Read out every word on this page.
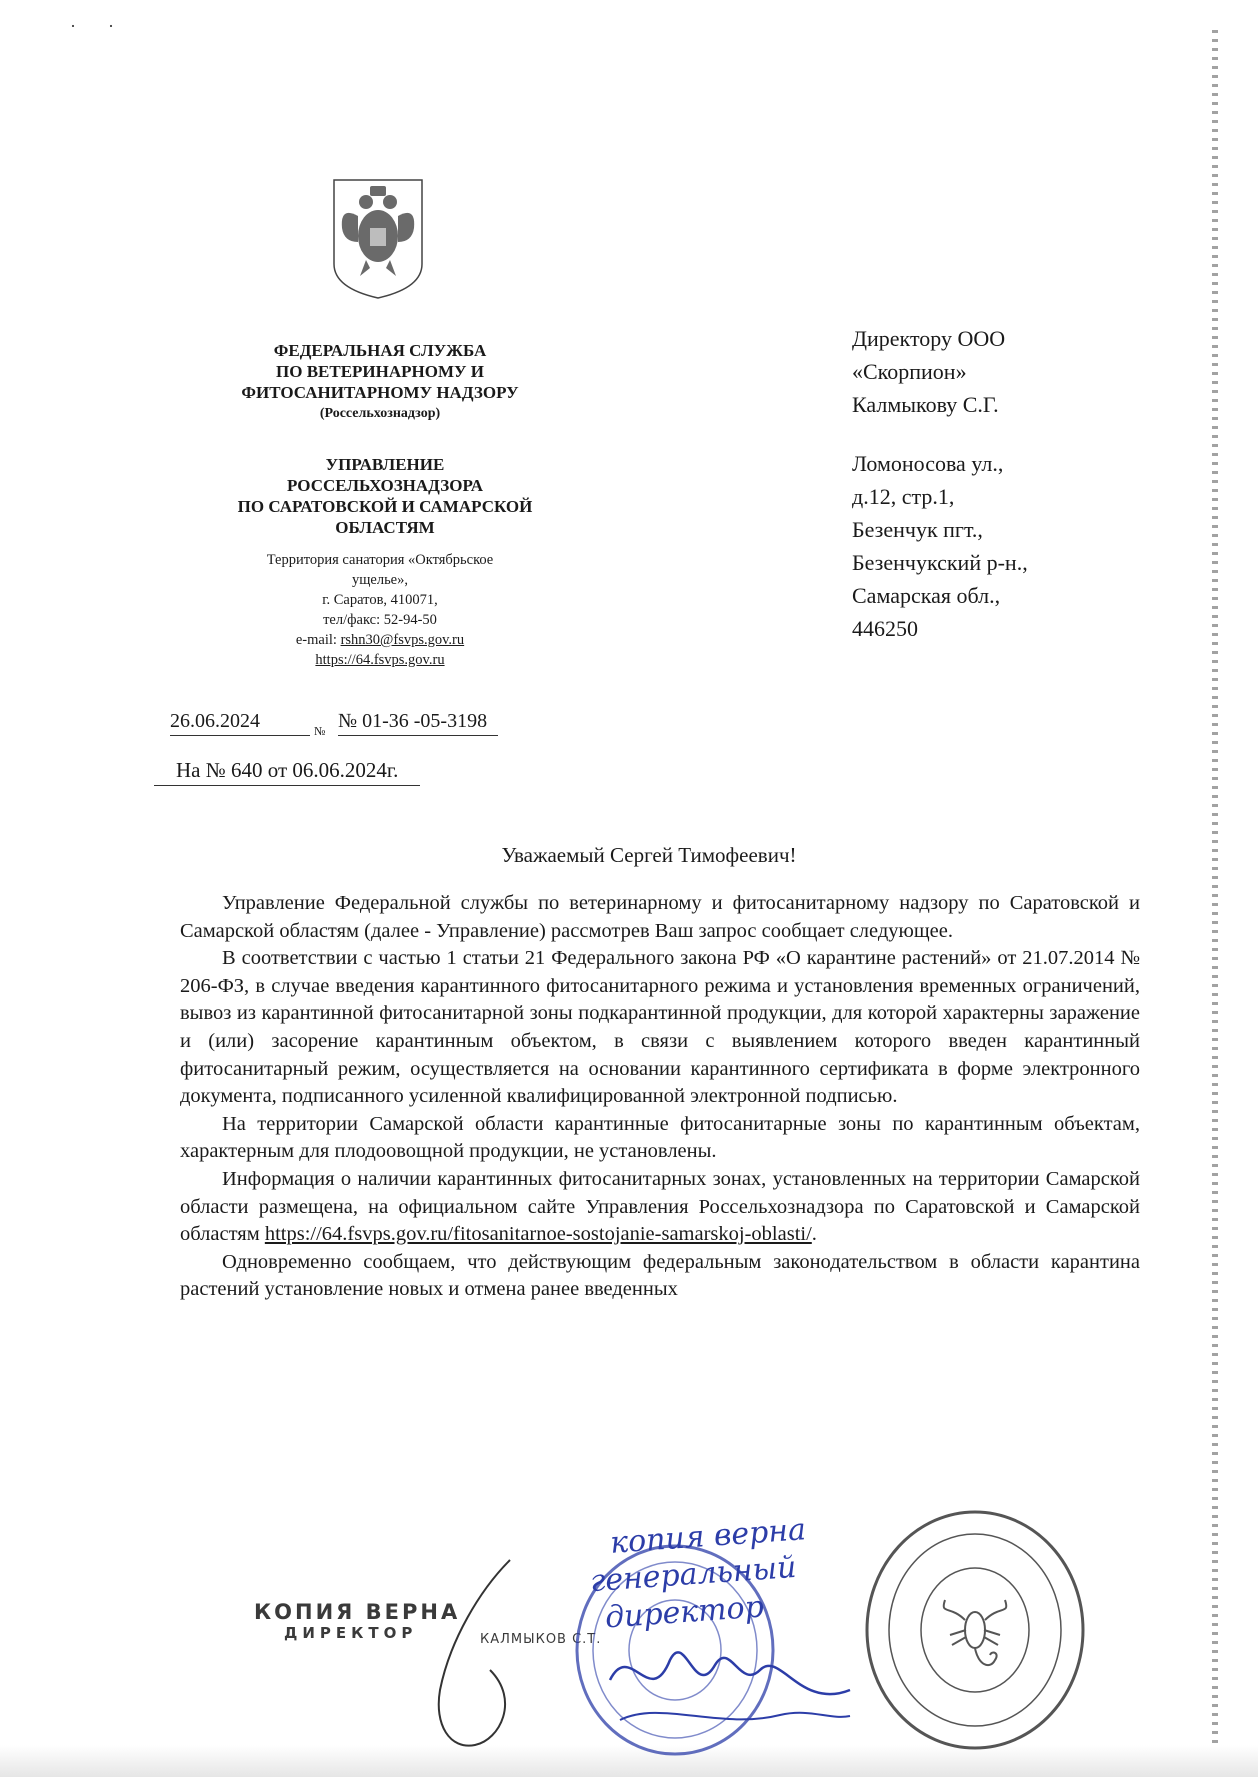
··
ФЕДЕРАЛЬНАЯ СЛУЖБА
ПО ВЕТЕРИНАРНОМУ И
ФИТОСАНИТАРНОМУ НАДЗОРУ
(Россельхознадзор)
УПРАВЛЕНИЕ
РОССЕЛЬХОЗНАДЗОРА
ПО САРАТОВСКОЙ И САМАРСКОЙ
ОБЛАСТЯМ
Территория санатория «Октябрьское
ущелье»,
г. Саратов, 410071,
тел/факс: 52-94-50
e-mail: rshn30@fsvps.gov.ru
https://64.fsvps.gov.ru
26.06.2024	№ № 01-36 -05-3198
На № 640 от 06.06.2024г.
Директору ООО
«Скорпион»
Калмыкову С.Г.
Ломоносова ул.,
д.12, стр.1,
Безенчук пгт.,
Безенчукский р-н.,
Самарская обл.,
446250
Уважаемый Сергей Тимофеевич!

Управление Федеральной службы по ветеринарному и фитосанитарному надзору по Саратовской и Самарской областям (далее - Управление) рассмотрев Ваш запрос сообщает следующее.

В соответствии с частью 1 статьи 21 Федерального закона РФ «О карантине растений» от 21.07.2014 № 206-ФЗ, в случае введения карантинного фитосанитарного режима и установления временных ограничений, вывоз из карантинной фитосанитарной зоны подкарантинной продукции, для которой характерны заражение и (или) засорение карантинным объектом, в связи с выявлением которого введен карантинный фитосанитарный режим, осуществляется на основании карантинного сертификата в форме электронного документа, подписанного усиленной квалифицированной электронной подписью.

На территории Самарской области карантинные фитосанитарные зоны по карантинным объектам, характерным для плодоовощной продукции, не установлены.

Информация о наличии карантинных фитосанитарных зонах, установленных на территории Самарской области размещена, на официальном сайте Управления Россельхознадзора по Саратовской и Самарской областям https://64.fsvps.gov.ru/fitosanitarnoe-sostojanie-samarskoj-oblasti/.

Одновременно сообщаем, что действующим федеральным законодательством в области карантина растений установление новых и отмена ранее введенных

КОПИЯ ВЕРНА
ДИРЕКТОР	КАЛМЫКОВ С.Т.
копия верна
генеральный
директор
